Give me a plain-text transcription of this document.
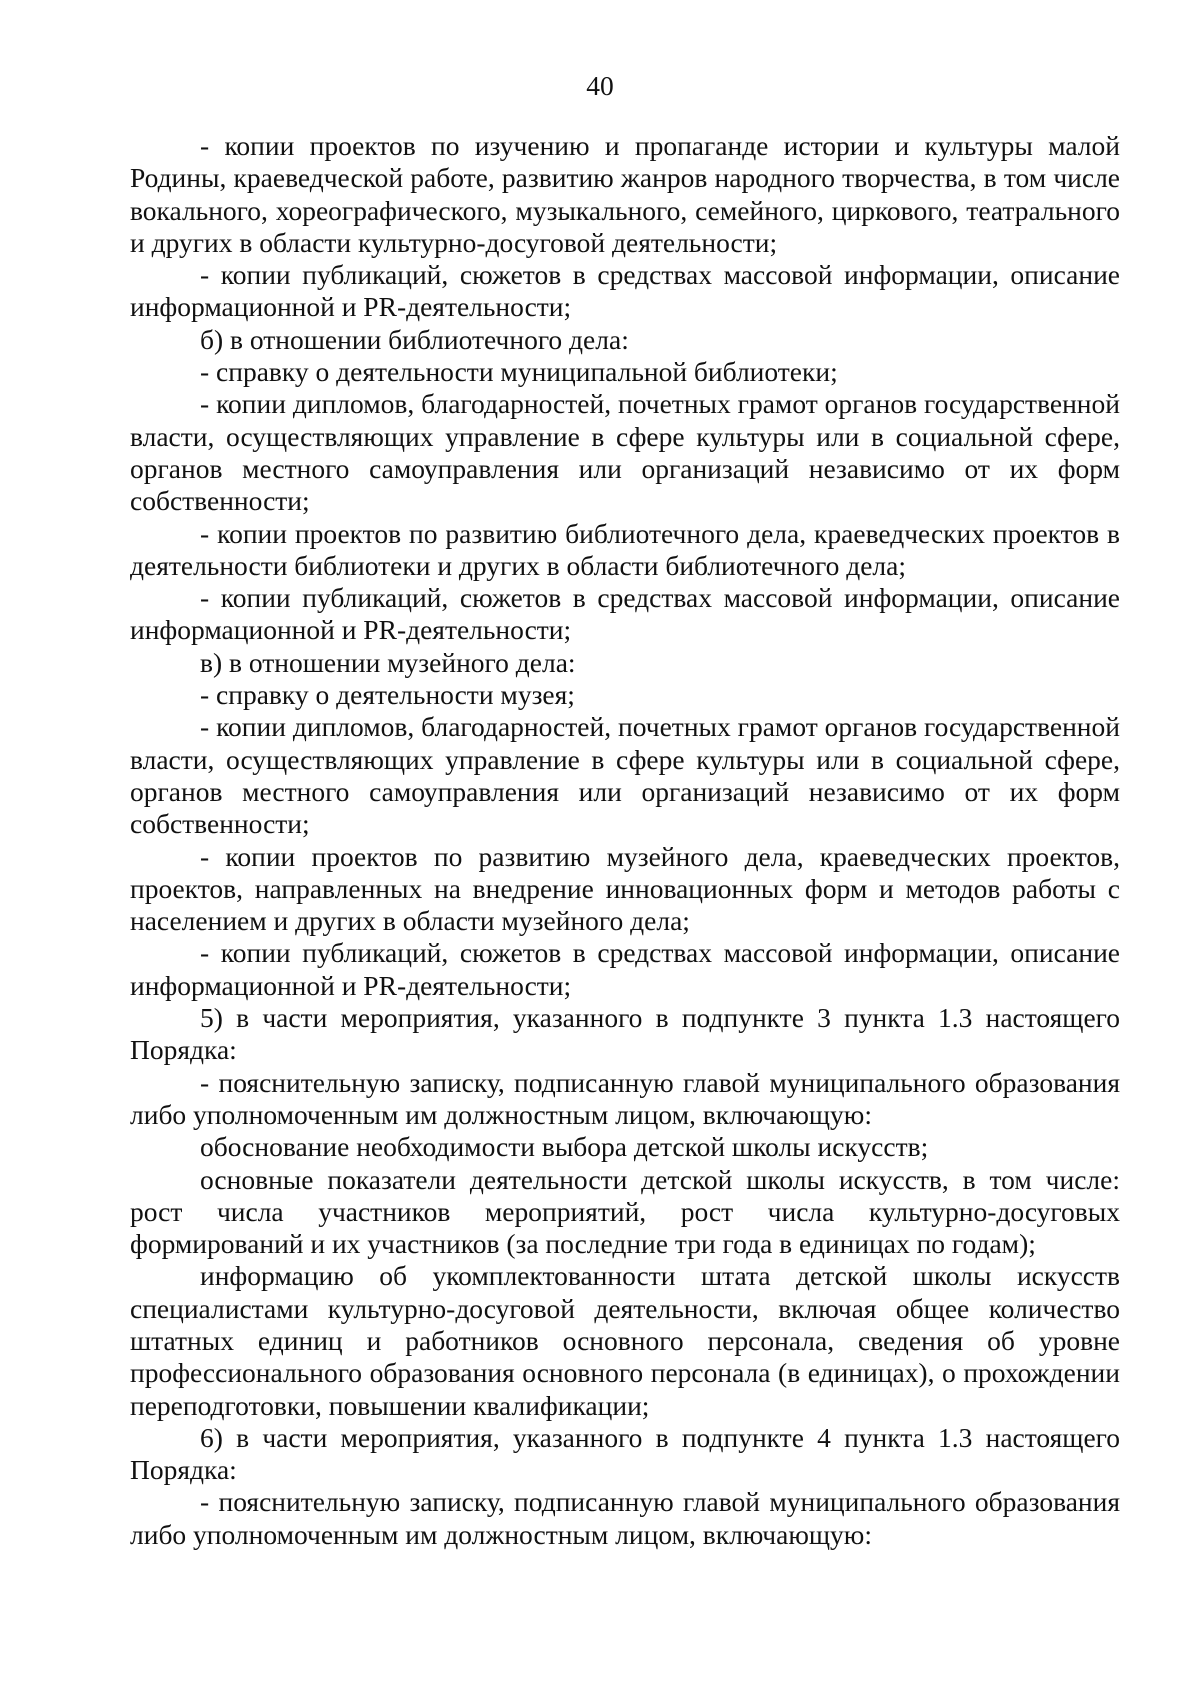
40

- копии проектов по изучению и пропаганде истории и культуры малой Родины, краеведческой работе, развитию жанров народного творчества, в том числе вокального, хореографического, музыкального, семейного, циркового, театрального и других в области культурно-досуговой деятельности;

- копии публикаций, сюжетов в средствах массовой информации, описание информационной и PR-деятельности;

б) в отношении библиотечного дела:

- справку о деятельности муниципальной библиотеки;

- копии дипломов, благодарностей, почетных грамот органов государственной власти, осуществляющих управление в сфере культуры или в социальной сфере, органов местного самоуправления или организаций независимо от их форм собственности;

- копии проектов по развитию библиотечного дела, краеведческих проектов в деятельности библиотеки и других в области библиотечного дела;

- копии публикаций, сюжетов в средствах массовой информации, описание информационной и PR-деятельности;

в) в отношении музейного дела:

- справку о деятельности музея;

- копии дипломов, благодарностей, почетных грамот органов государственной власти, осуществляющих управление в сфере культуры или в социальной сфере, органов местного самоуправления или организаций независимо от их форм собственности;

- копии проектов по развитию музейного дела, краеведческих проектов, проектов, направленных на внедрение инновационных форм и методов работы с населением и других в области музейного дела;

- копии публикаций, сюжетов в средствах массовой информации, описание информационной и PR-деятельности;

5) в части мероприятия, указанного в подпункте 3 пункта 1.3 настоящего Порядка:

- пояснительную записку, подписанную главой муниципального образования либо уполномоченным им должностным лицом, включающую:

обоснование необходимости выбора детской школы искусств;

основные показатели деятельности детской школы искусств, в том числе: рост числа участников мероприятий, рост числа культурно-досуговых формирований и их участников (за последние три года в единицах по годам);

информацию об укомплектованности штата детской школы искусств специалистами культурно-досуговой деятельности, включая общее количество штатных единиц и работников основного персонала, сведения об уровне профессионального образования основного персонала (в единицах), о прохождении переподготовки, повышении квалификации;

6) в части мероприятия, указанного в подпункте 4 пункта 1.3 настоящего Порядка:

- пояснительную записку, подписанную главой муниципального образования либо уполномоченным им должностным лицом, включающую:
